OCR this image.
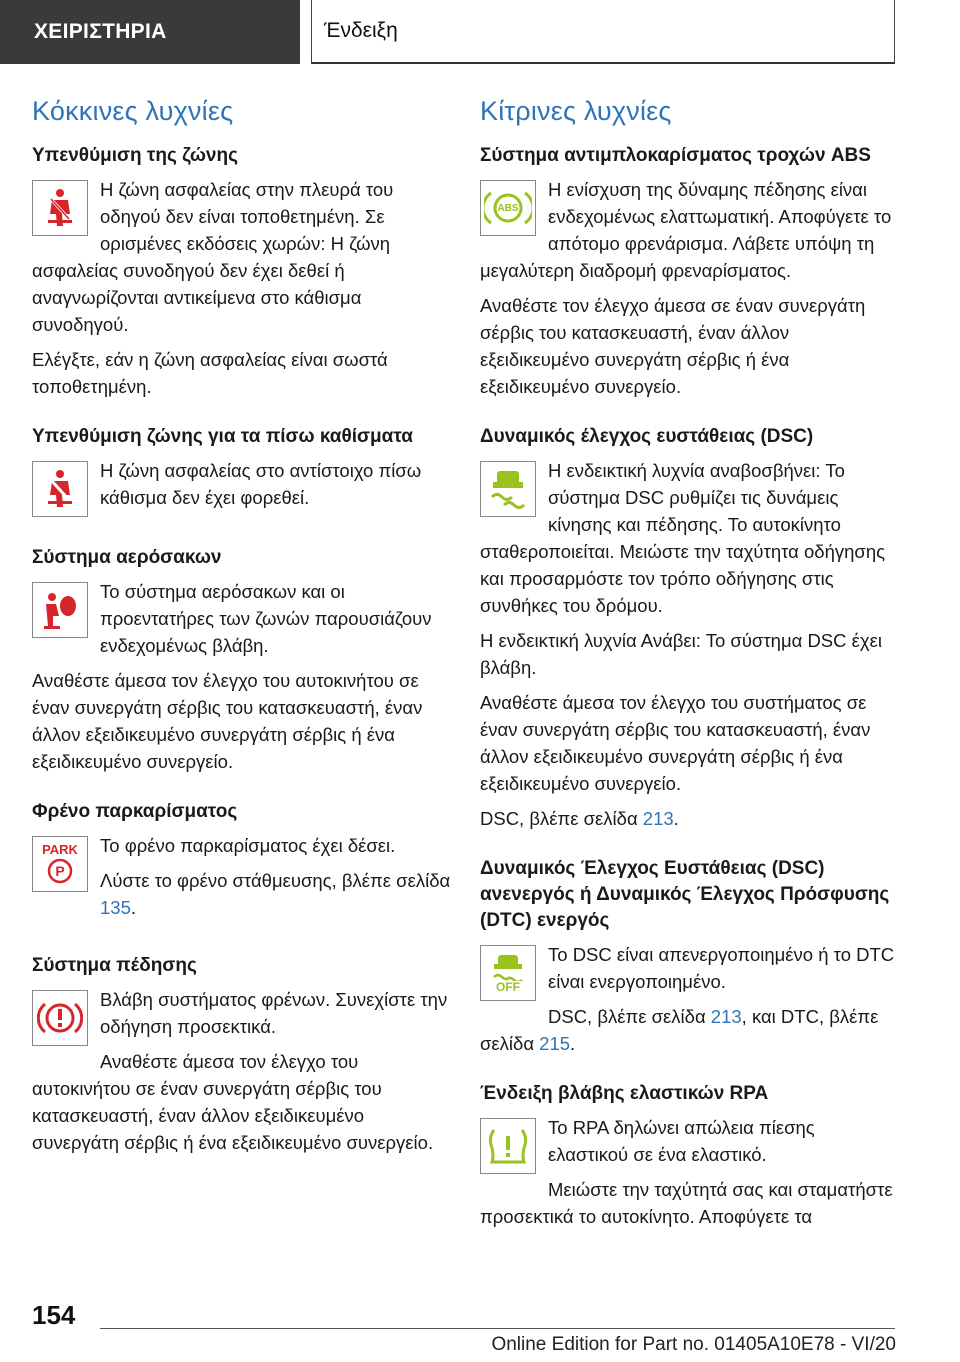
ΧΕΙΡΙΣΤΗΡΙΑ	Ένδειξη
Κόκκινες λυχνίες
Υπενθύμιση της ζώνης

Η ζώνη ασφαλείας στην πλευρά του οδηγού δεν είναι τοποθετημένη. Σε ορισμένες εκδόσεις χωρών: Η ζώνη ασφαλείας συνοδηγού δεν έχει δεθεί ή αναγνωρίζονται αντικείμενα στο κάθισμα συνοδηγού.

Ελέγξτε, εάν η ζώνη ασφαλείας είναι σωστά τοποθετημένη.

Υπενθύμιση ζώνης για τα πίσω καθίσματα

Η ζώνη ασφαλείας στο αντίστοιχο πίσω κάθισμα δεν έχει φορεθεί.

Σύστημα αερόσακων

Το σύστημα αερόσακων και οι προεντατήρες των ζωνών παρουσιάζουν ενδεχομένως βλάβη.

Αναθέστε άμεσα τον έλεγχο του αυτοκινήτου σε έναν συνεργάτη σέρβις του κατασκευαστή, έναν άλλον εξειδικευμένο συνεργάτη σέρβις ή ένα εξειδικευμένο συνεργείο.

Φρένο παρκαρίσματος
PARK
P

Το φρένο παρκαρίσματος έχει δέσει.

Λύστε το φρένο στάθμευσης, βλέπε σελίδα 135.

Σύστημα πέδησης

Βλάβη συστήματος φρένων. Συνεχίστε την οδήγηση προσεκτικά.

Αναθέστε άμεσα τον έλεγχο του αυτοκινήτου σε έναν συνεργάτη σέρβις του κατασκευαστή, έναν άλλον εξειδικευμένο συνεργάτη σέρβις ή ένα εξειδικευμένο συνεργείο.

Κίτρινες λυχνίες
Σύστημα αντιμπλοκαρίσματος τροχών ABS
ABS

Η ενίσχυση της δύναμης πέδησης είναι ενδεχομένως ελαττωματική. Αποφύγετε το απότομο φρενάρισμα. Λάβετε υπόψη τη μεγαλύτερη διαδρομή φρεναρίσματος.

Αναθέστε τον έλεγχο άμεσα σε έναν συνεργάτη σέρβις του κατασκευαστή, έναν άλλον εξειδικευμένο συνεργάτη σέρβις ή ένα εξειδικευμένο συνεργείο.

Δυναμικός έλεγχος ευστάθειας (DSC)

Η ενδεικτική λυχνία αναβοσβήνει: Το σύστημα DSC ρυθμίζει τις δυνάμεις κίνησης και πέδησης. Το αυτοκίνητο σταθεροποιείται. Μειώστε την ταχύτητα οδήγησης και προσαρμόστε τον τρόπο οδήγησης στις συνθήκες του δρόμου.

Η ενδεικτική λυχνία Ανάβει: Το σύστημα DSC έχει βλάβη.

Αναθέστε άμεσα τον έλεγχο του συστήματος σε έναν συνεργάτη σέρβις του κατασκευαστή, έναν άλλον εξειδικευμένο συνεργάτη σέρβις ή ένα εξειδικευμένο συνεργείο.

DSC, βλέπε σελίδα 213.

Δυναμικός Έλεγχος Ευστάθειας (DSC) ανενεργός ή Δυναμικός Έλεγχος Πρόσφυσης (DTC) ενεργός
OFF

Το DSC είναι απενεργοποιημένο ή το DTC είναι ενεργοποιημένο.

DSC, βλέπε σελίδα 213, και DTC, βλέπε σελίδα 215.

Ένδειξη βλάβης ελαστικών RPA

Το RPA δηλώνει απώλεια πίεσης ελαστικού σε ένα ελαστικό.

Μειώστε την ταχύτητά σας και σταματήστε προσεκτικά το αυτοκίνητο. Αποφύγετε τα

154
Online Edition for Part no. 01405A10E78 - VI/20
